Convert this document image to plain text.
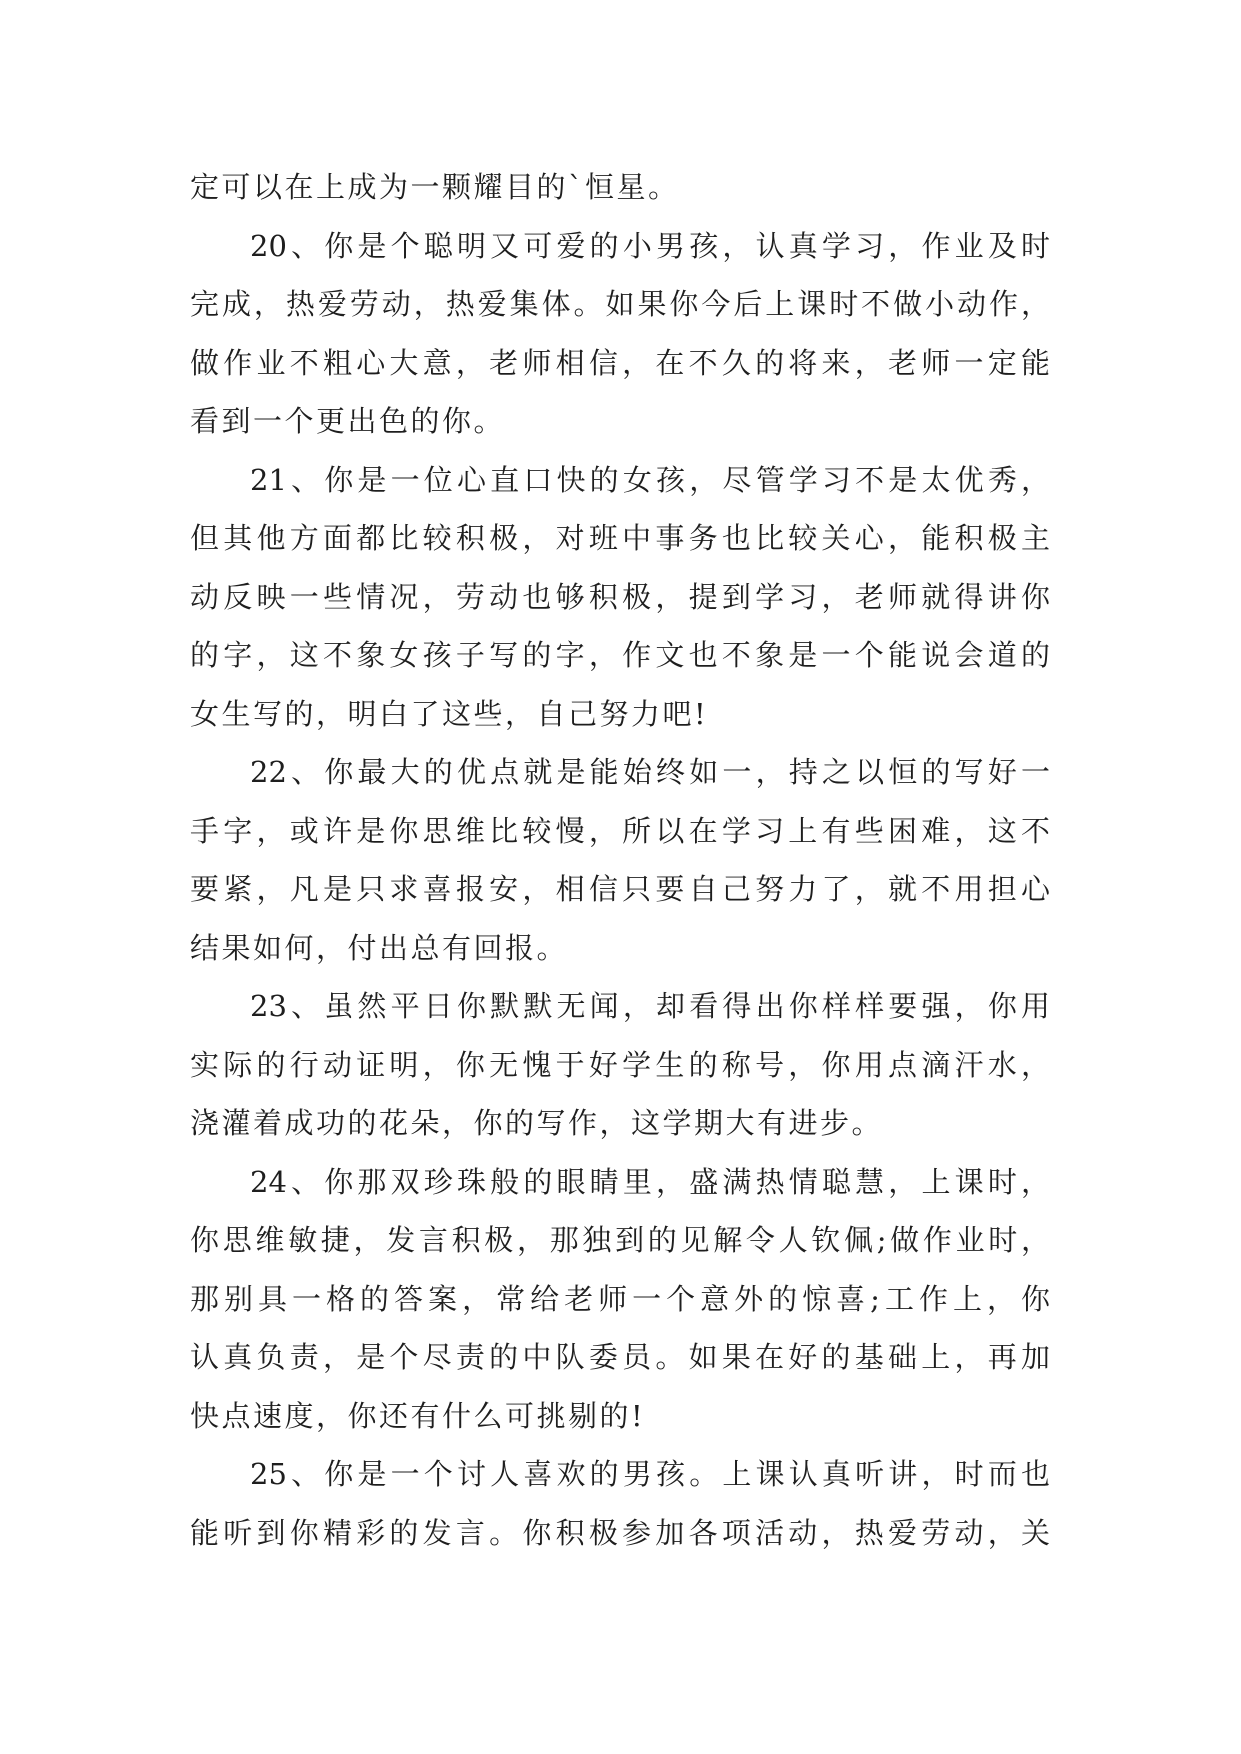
定可以在上成为一颗耀目的`恒星。
20、你是个聪明又可爱的小男孩，认真学习，作业及时
完成，热爱劳动，热爱集体。如果你今后上课时不做小动作，
做作业不粗心大意，老师相信，在不久的将来，老师一定能
看到一个更出色的你。
21、你是一位心直口快的女孩，尽管学习不是太优秀，
但其他方面都比较积极，对班中事务也比较关心，能积极主
动反映一些情况，劳动也够积极，提到学习，老师就得讲你
的字，这不象女孩子写的字，作文也不象是一个能说会道的
女生写的，明白了这些，自己努力吧!
22、你最大的优点就是能始终如一，持之以恒的写好一
手字，或许是你思维比较慢，所以在学习上有些困难，这不
要紧，凡是只求喜报安，相信只要自己努力了，就不用担心
结果如何，付出总有回报。
23、虽然平日你默默无闻，却看得出你样样要强，你用
实际的行动证明，你无愧于好学生的称号，你用点滴汗水，
浇灌着成功的花朵，你的写作，这学期大有进步。
24、你那双珍珠般的眼睛里，盛满热情聪慧，上课时，
你思维敏捷，发言积极，那独到的见解令人钦佩;做作业时，
那别具一格的答案，常给老师一个意外的惊喜;工作上，你
认真负责，是个尽责的中队委员。如果在好的基础上，再加
快点速度，你还有什么可挑剔的!
25、你是一个讨人喜欢的男孩。上课认真听讲，时而也
能听到你精彩的发言。你积极参加各项活动，热爱劳动，关
